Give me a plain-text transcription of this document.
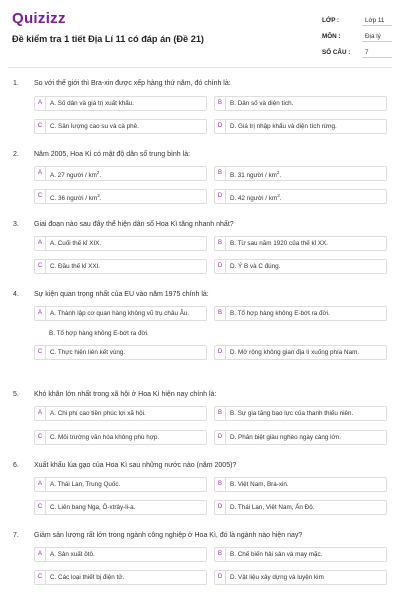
Quizizz
Đề kiểm tra 1 tiết Địa Lí 11 có đáp án (Đề 21)
LỚP :	Lớp 11
MÔN :	Địa lý
SỐ CÂU :	7
1. So với thế giới thì Bra-xin được xếp hàng thứ năm, đó chính là:
A	A. Số dân và giá trị xuất khẩu.	B	B. Dân số và diện tích.
C	C. Sản lượng cao su và cà phê.	D	D. Giá trị nhập khẩu và diện tích rừng.
2. Năm 2005, Hoa Kì có mật độ dân số trung bình là:
A	A. 27 người / $km^2$.	B	B. 31 người / $km^2$.
C	C. 36 người / $km^2$.	D	D. 42 người / $km^2$.
3. Giai đoạn nào sau đây thể hiện dân số Hoa Kì tăng nhanh nhất?
A	A. Cuối thế kỉ XIX.	B	B. Từ sau năm 1920 của thế kỉ XX.
C	C. Đầu thế kỉ XXI.	D	D. Ý B và C đúng.
4. Sự kiện quan trọng nhất của EU vào năm 1975 chính là:
A	A. Thành lập cơ quan hàng không vũ trụ châu Âu.	B	B. Tổ hợp hàng không E-bớt ra đời.
B. Tổ hợp hàng không E-bớt ra đời.
C	C. Thực hiện liên kết vùng.	D	D. Mở rộng không gian địa lí xuống phía Nam.
5. Khó khăn lớn nhất trong xã hội ở Hoa Kì hiện nay chính là:
A	A. Chi phí cao tiền phúc lợi xã hội.	B	B. Sự gia tăng bạo lực của thanh thiếu niên.
C	C. Môi trường văn hóa không phù hợp.	D	D. Phân biệt giàu nghèo ngày càng lớn.
6. Xuất khẩu lúa gạo của Hoa Kì sau những nước nào (năm 2005)?
A	A. Thái Lan, Trung Quốc.	B	B. Việt Nam, Bra-xin.
C	C. Liên bang Nga, Ô-xtrây-li-a.	D	D. Thái Lan, Việt Nam, Ấn Độ.
7. Giảm sản lượng rất lớn trong ngành công nghiệp ở Hoa Kì, đó là ngành nào hiện nay?
A	A. Sản xuất ôtô.	B	B. Chế biến hải sản và may mặc.
C	C. Các loại thiết bị điện tử.	D	D. Vật liệu xây dựng và luyện kim
